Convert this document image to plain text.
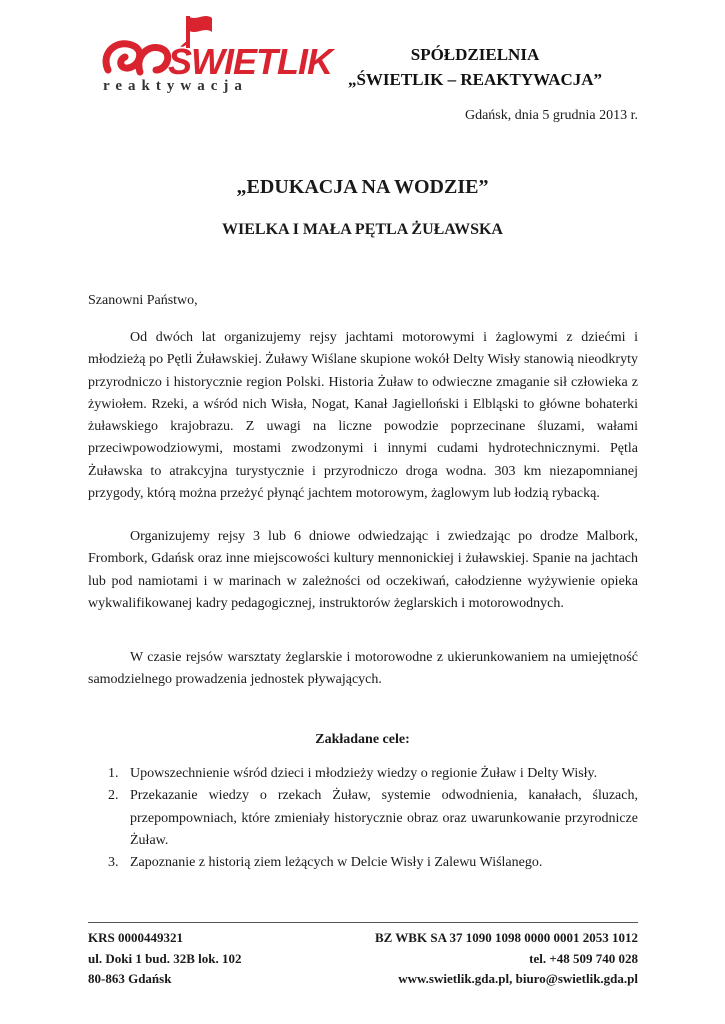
ŚWIETLIK
reaktywacja
SPÓŁDZIELNIA
„ŚWIETLIK – REAKTYWACJA”
Gdańsk, dnia 5 grudnia 2013 r.
„EDUKACJA NA WODZIE”
WIELKA I MAŁA PĘTLA ŻUŁAWSKA
Szanowni Państwo,
Od dwóch lat organizujemy rejsy jachtami motorowymi i żaglowymi z dziećmi i młodzieżą po Pętli Żuławskiej. Żuławy Wiślane skupione wokół Delty Wisły stanowią nieodkryty przyrodniczo i historycznie region Polski. Historia Żuław to odwieczne zmaganie sił człowieka z żywiołem. Rzeki, a wśród nich Wisła, Nogat, Kanał Jagielloński i Elbląski to główne bohaterki żuławskiego krajobrazu. Z uwagi na liczne powodzie poprzecinane śluzami, wałami przeciwpowodziowymi, mostami zwodzonymi i innymi cudami hydrotechnicznymi. Pętla Żuławska to atrakcyjna turystycznie i przyrodniczo droga wodna. 303 km niezapomnianej przygody, którą można przeżyć płynąć jachtem motorowym, żaglowym lub łodzią rybacką.
Organizujemy rejsy 3 lub 6 dniowe odwiedzając i zwiedzając po drodze Malbork, Frombork, Gdańsk oraz inne miejscowości kultury mennonickiej i żuławskiej. Spanie na jachtach lub pod namiotami i w marinach w zależności od oczekiwań, całodzienne wyżywienie opieka wykwalifikowanej kadry pedagogicznej, instruktorów żeglarskich i motorowodnych.
W czasie rejsów warsztaty żeglarskie i motorowodne z ukierunkowaniem na umiejętność samodzielnego prowadzenia jednostek pływających.
Zakładane cele:
1. Upowszechnienie wśród dzieci i młodzieży wiedzy o regionie Żuław i Delty Wisły.
2. Przekazanie wiedzy o rzekach Żuław, systemie odwodnienia, kanałach, śluzach, przepompowniach, które zmieniały historycznie obraz oraz uwarunkowanie przyrodnicze Żuław.
3. Zapoznanie z historią ziem leżących w Delcie Wisły i Zalewu Wiślanego.
KRS 0000449321
ul. Doki 1 bud. 32B lok. 102
80-863 Gdańsk
BZ WBK SA 37 1090 1098 0000 0001 2053 1012
tel. +48 509 740 028
www.swietlik.gda.pl, biuro@swietlik.gda.pl
